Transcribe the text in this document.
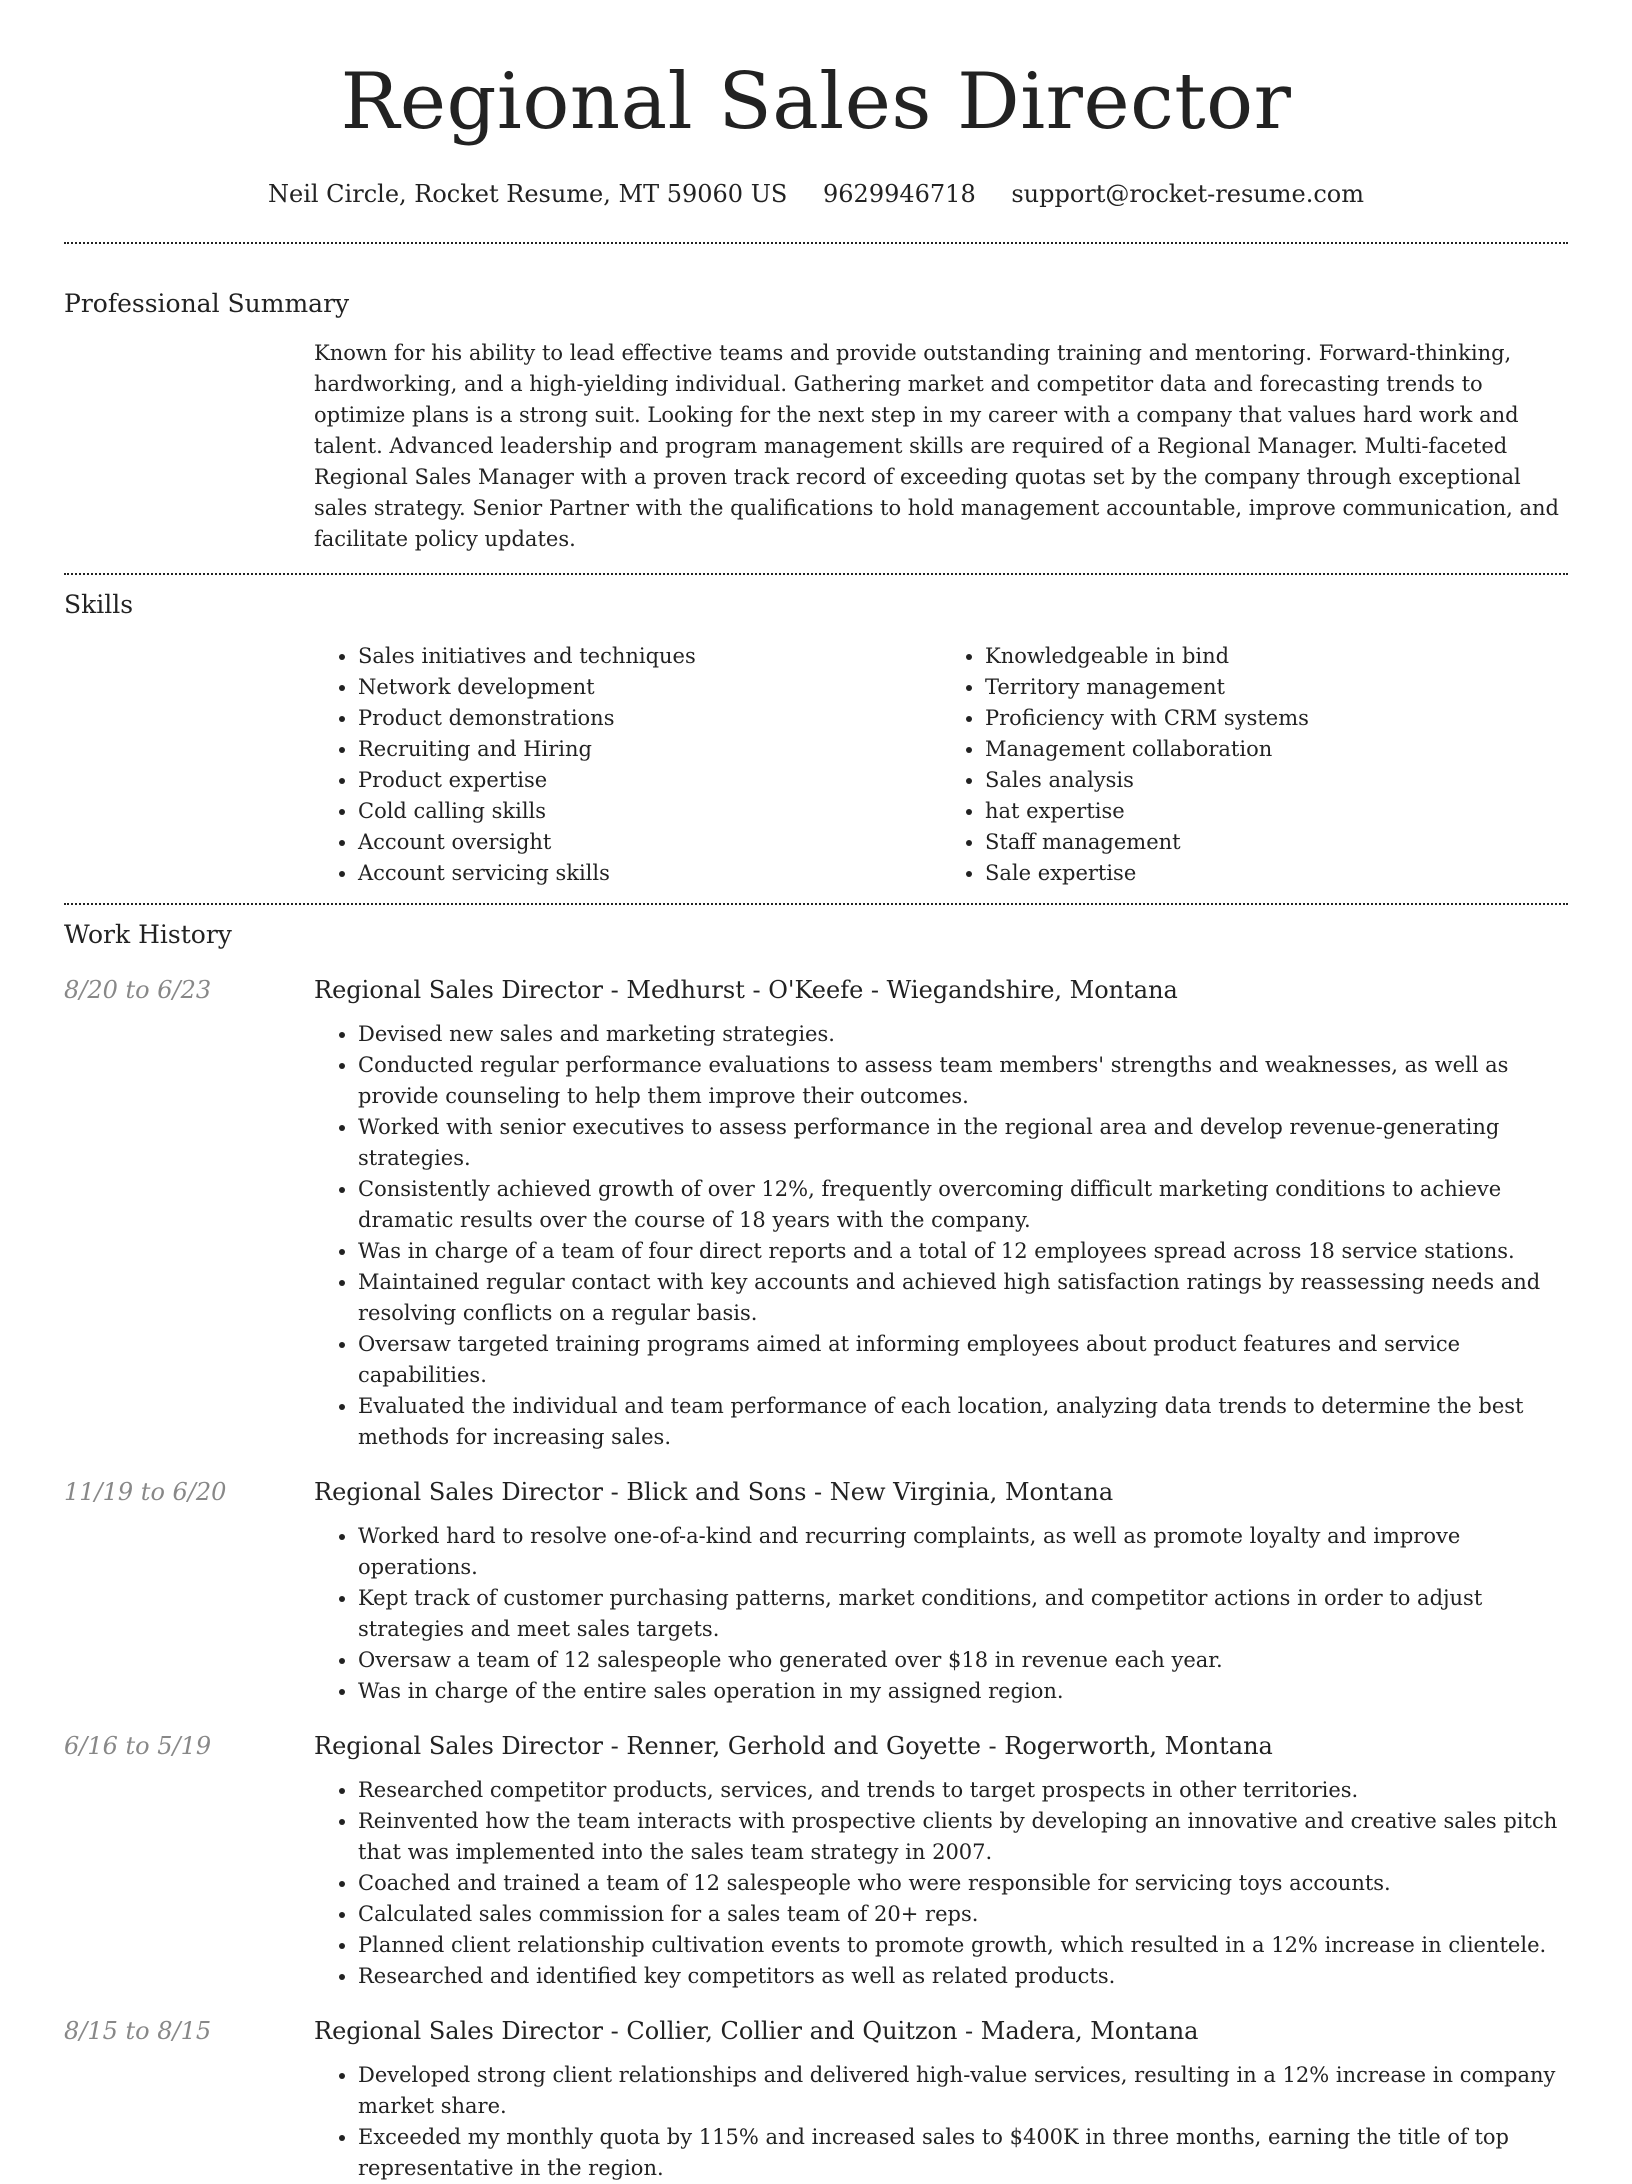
Regional Sales Director
Neil Circle, Rocket Resume, MT 59060 US 9629946718 support@rocket-resume.com
Professional Summary

Known for his ability to lead effective teams and provide outstanding training and mentoring. Forward-thinking, hardworking, and a high-yielding individual. Gathering market and competitor data and forecasting trends to optimize plans is a strong suit. Looking for the next step in my career with a company that values hard work and talent. Advanced leadership and program management skills are required of a Regional Manager. Multi-faceted Regional Sales Manager with a proven track record of exceeding quotas set by the company through exceptional sales strategy. Senior Partner with the qualifications to hold management accountable, improve communication, and facilitate policy updates.

Skills
• Sales initiatives and techniques
• Network development
• Product demonstrations
• Recruiting and Hiring
• Product expertise
• Cold calling skills
• Account oversight
• Account servicing skills
• Knowledgeable in bind
• Territory management
• Proficiency with CRM systems
• Management collaboration
• Sales analysis
• hat expertise
• Staff management
• Sale expertise
Work History
8/20 to 6/23	Regional Sales Director - Medhurst - O'Keefe - Wiegandshire, Montana
• Devised new sales and marketing strategies.
• Conducted regular performance evaluations to assess team members' strengths and weaknesses, as well as provide counseling to help them improve their outcomes.
• Worked with senior executives to assess performance in the regional area and develop revenue-generating strategies.
• Consistently achieved growth of over 12%, frequently overcoming difficult marketing conditions to achieve dramatic results over the course of 18 years with the company.
• Was in charge of a team of four direct reports and a total of 12 employees spread across 18 service stations.
• Maintained regular contact with key accounts and achieved high satisfaction ratings by reassessing needs and resolving conflicts on a regular basis.
• Oversaw targeted training programs aimed at informing employees about product features and service capabilities.
• Evaluated the individual and team performance of each location, analyzing data trends to determine the best methods for increasing sales.
11/19 to 6/20	Regional Sales Director - Blick and Sons - New Virginia, Montana
• Worked hard to resolve one-of-a-kind and recurring complaints, as well as promote loyalty and improve operations.
• Kept track of customer purchasing patterns, market conditions, and competitor actions in order to adjust strategies and meet sales targets.
• Oversaw a team of 12 salespeople who generated over $18 in revenue each year.
• Was in charge of the entire sales operation in my assigned region.
6/16 to 5/19	Regional Sales Director - Renner, Gerhold and Goyette - Rogerworth, Montana
• Researched competitor products, services, and trends to target prospects in other territories.
• Reinvented how the team interacts with prospective clients by developing an innovative and creative sales pitch that was implemented into the sales team strategy in 2007.
• Coached and trained a team of 12 salespeople who were responsible for servicing toys accounts.
• Calculated sales commission for a sales team of 20+ reps.
• Planned client relationship cultivation events to promote growth, which resulted in a 12% increase in clientele.
• Researched and identified key competitors as well as related products.
8/15 to 8/15	Regional Sales Director - Collier, Collier and Quitzon - Madera, Montana
• Developed strong client relationships and delivered high-value services, resulting in a 12% increase in company market share.
• Exceeded my monthly quota by 115% and increased sales to $400K in three months, earning the title of top representative in the region.
